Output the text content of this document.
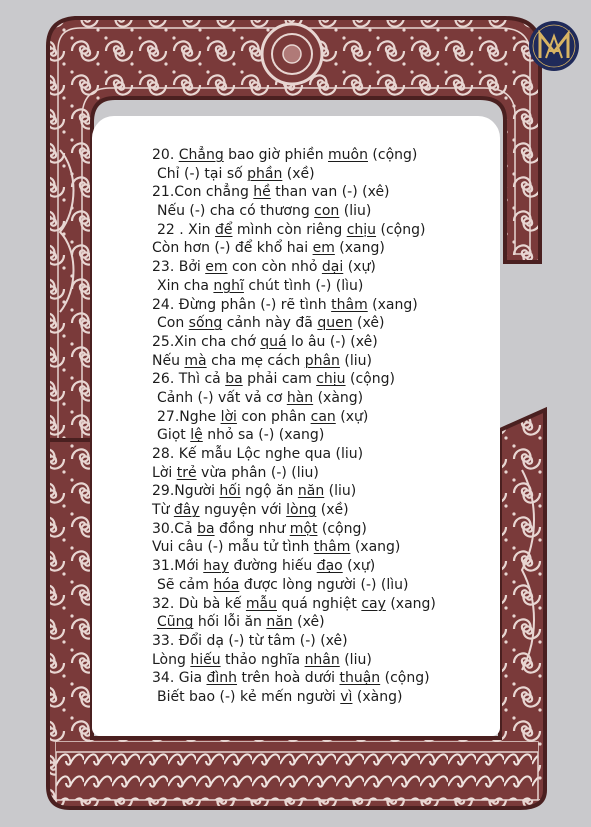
20. Chẳng bao giờ phiền muôn (cộng)
Chỉ (-) tại số phần (xề)
21.Con chẳng hề than van (-) (xê)
Nếu (-) cha có thương con (liu)
22 . Xin để mình còn riêng chịu (cộng)
Còn hơn (-) để khổ hai em (xang)
23. Bởi em con còn nhỏ dại (xự)
Xin cha nghĩ chút tình (-) (lìu)
24. Đừng phân (-) rẽ tình thâm (xang)
Con sống cảnh này đã quen (xê)
25.Xin cha chớ quá lo âu (-) (xê)
Nếu mà cha mẹ cách phân (liu)
26. Thì cả ba phải cam chịu (cộng)
Cảnh (-) vất vả cơ hàn (xàng)
27.Nghe lời con phân can (xự)
Giọt lệ nhỏ sa (-) (xang)
28. Kế mẫu Lộc nghe qua (liu)
Lời trẻ vừa phân (-) (liu)
29.Người hối ngộ ăn năn (liu)
Từ đây nguyện với lòng (xề)
30.Cả ba đồng như một (cộng)
Vui câu (-) mẫu tử tình thâm (xang)
31.Mới hay đường hiếu đạo (xự)
Sẽ cảm hóa được lòng người (-) (lìu)
32. Dù bà kế mẫu quá nghiệt cay (xang)
Cũng hối lỗi ăn năn (xê)
33. Đổi dạ (-) từ tâm (-) (xê)
Lòng hiếu thảo nghĩa nhân (liu)
34. Gia đình trên hoà dưới thuận (cộng)
Biết bao (-) kẻ mến người vì (xàng)
